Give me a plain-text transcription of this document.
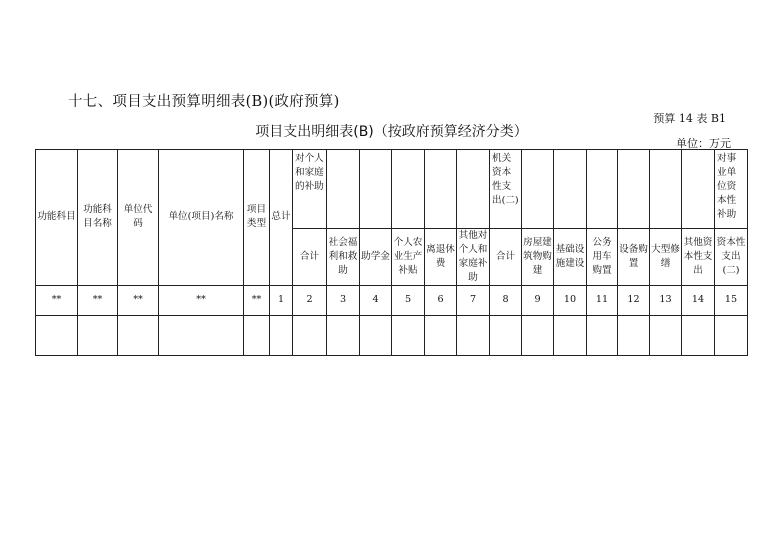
十七、项目支出预算明细表(B)(政府预算)
预算 14 表 B1
项目支出明细表(B)（按政府预算经济分类）
单位：万元
功能科目	功能科目名称	单位代码	单位(项目)名称	项目类型	总计	对个人和家庭的补助						机关资本性支出(二)							对事业单位资本性补助
						合计	社会福利和救助	助学金	个人农业生产补贴	离退休费	其他对个人和家庭补助	合计	房屋建筑物购建	基础设施建设	公务用车购置	设备购置	大型修缮	其他资本性支出	资本性支出(二)
**	**	**	**	**	1	2	3	4	5	6	7	8	9	10	11	12	13	14	15
